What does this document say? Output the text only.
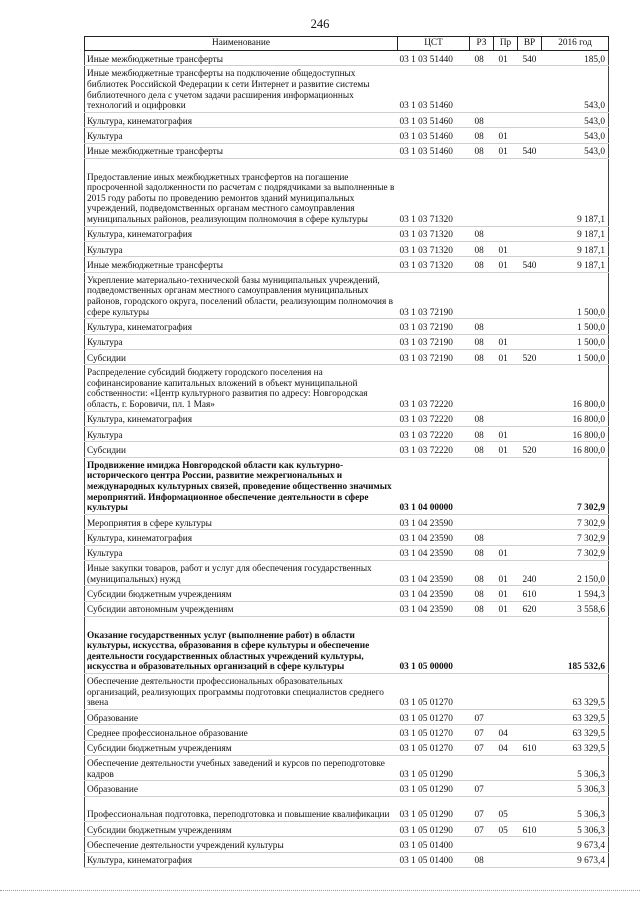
246
Наименование	ЦСТ	РЗ	Пр	ВР	2016 год
Иные межбюджетные трансферты	03 1 03 51440	08	01	540	185,0
Иные межбюджетные трансферты на подключение общедоступных библиотек Российской Федерации к сети Интернет и развитие системы библиотечного дела с учетом задачи расширения информационных технологий и оцифровки	03 1 03 51460				543,0
Культура, кинематография	03 1 03 51460	08			543,0
Культура	03 1 03 51460	08	01		543,0
Иные межбюджетные трансферты	03 1 03 51460	08	01	540	543,0
Предоставление иных межбюджетных трансфертов на погашение просроченной задолженности по расчетам с подрядчиками за выполненные в 2015 году работы по проведению ремонтов зданий муниципальных учреждений, подведомственных органам местного самоуправления муниципальных районов, реализующим полномочия в сфере культуры	03 1 03 71320				9 187,1
Культура, кинематография	03 1 03 71320	08			9 187,1
Культура	03 1 03 71320	08	01		9 187,1
Иные межбюджетные трансферты	03 1 03 71320	08	01	540	9 187,1
Укрепление материально-технической базы муниципальных учреждений, подведомственных органам местного самоуправления муниципальных районов, городского округа, поселений области, реализующим полномочия в сфере культуры	03 1 03 72190				1 500,0
Культура, кинематография	03 1 03 72190	08			1 500,0
Культура	03 1 03 72190	08	01		1 500,0
Субсидии	03 1 03 72190	08	01	520	1 500,0
Распределение субсидий бюджету городского поселения на софинансирование капитальных вложений в объект муниципальной собственности: «Центр культурного развития по адресу: Новгородская область, г. Боровичи, пл. 1 Мая»	03 1 03 72220				16 800,0
Культура, кинематография	03 1 03 72220	08			16 800,0
Культура	03 1 03 72220	08	01		16 800,0
Субсидии	03 1 03 72220	08	01	520	16 800,0
Продвижение имиджа Новгородской области как культурно-исторического центра России, развитие межрегиональных и международных культурных связей, проведение общественно значимых мероприятий. Информационное обеспечение деятельности в сфере культуры	03 1 04 00000				7 302,9
Мероприятия в сфере культуры	03 1 04 23590				7 302,9
Культура, кинематография	03 1 04 23590	08			7 302,9
Культура	03 1 04 23590	08	01		7 302,9
Иные закупки товаров, работ и услуг для обеспечения государственных (муниципальных) нужд	03 1 04 23590	08	01	240	2 150,0
Субсидии бюджетным учреждениям	03 1 04 23590	08	01	610	1 594,3
Субсидии автономным учреждениям	03 1 04 23590	08	01	620	3 558,6
Оказание государственных услуг (выполнение работ) в области культуры, искусства, образования в сфере культуры и обеспечение деятельности государственных областных учреждений культуры, искусства и образовательных организаций в сфере культуры	03 1 05 00000				185 532,6
Обеспечение деятельности профессиональных образовательных организаций, реализующих программы подготовки специалистов среднего звена	03 1 05 01270				63 329,5
Образование	03 1 05 01270	07			63 329,5
Среднее профессиональное образование	03 1 05 01270	07	04		63 329,5
Субсидии бюджетным учреждениям	03 1 05 01270	07	04	610	63 329,5
Обеспечение деятельности учебных заведений и курсов по переподготовке кадров	03 1 05 01290				5 306,3
Образование	03 1 05 01290	07			5 306,3
Профессиональная подготовка, переподготовка и повышение квалификации	03 1 05 01290	07	05		5 306,3
Субсидии бюджетным учреждениям	03 1 05 01290	07	05	610	5 306,3
Обеспечение деятельности учреждений культуры	03 1 05 01400				9 673,4
Культура, кинематография	03 1 05 01400	08			9 673,4
